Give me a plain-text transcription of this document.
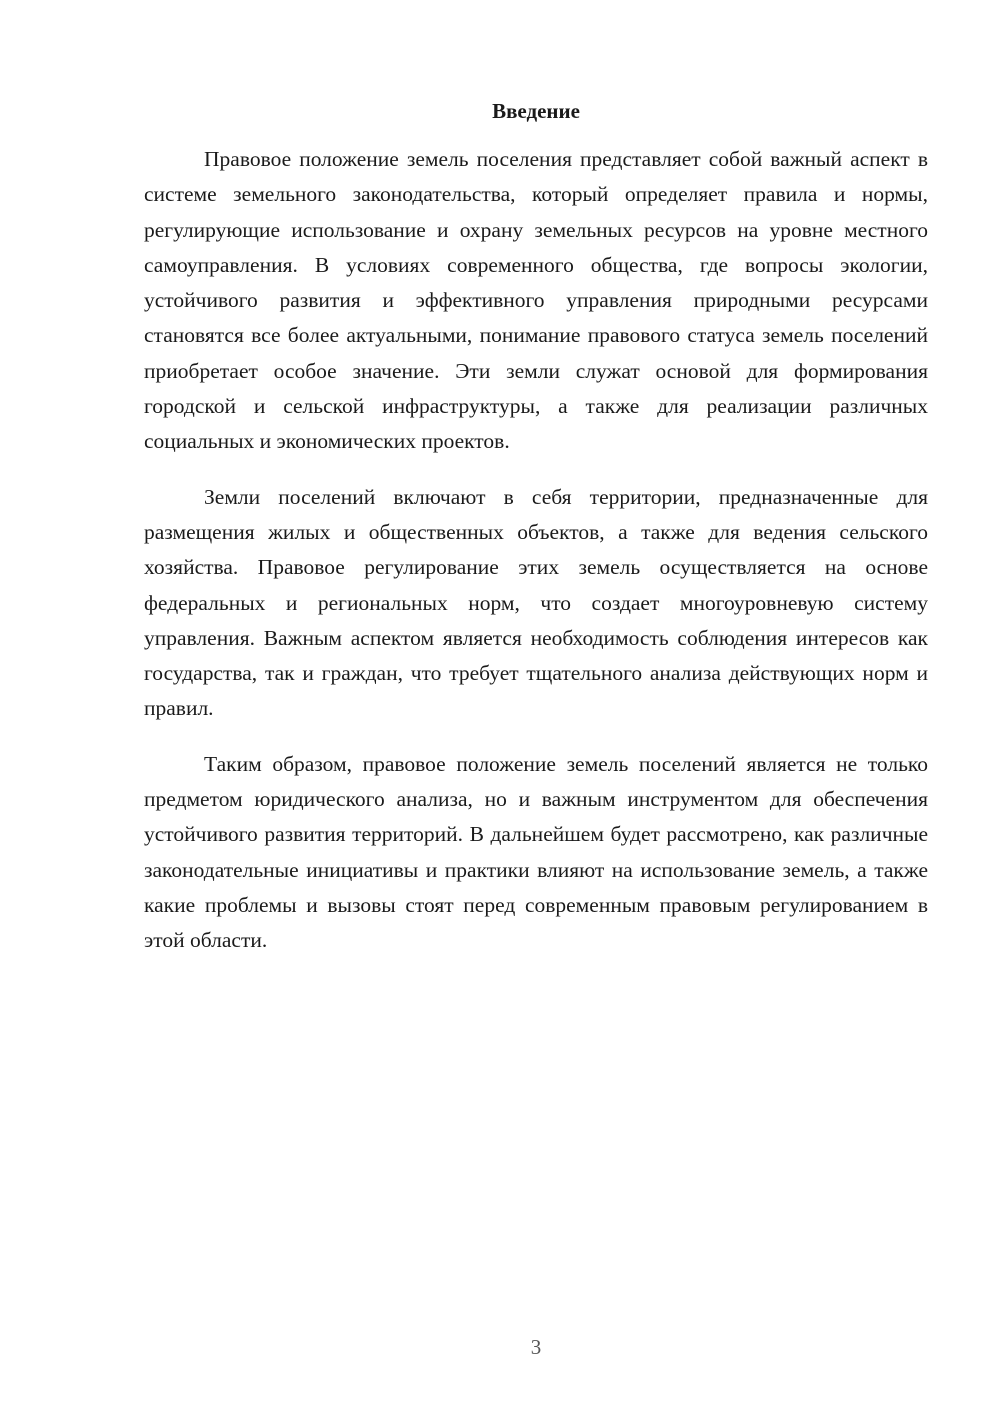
Введение

Правовое положение земель поселения представляет собой важный аспект в системе земельного законодательства, который определяет правила и нормы, регулирующие использование и охрану земельных ресурсов на уровне местного самоуправления. В условиях современного общества, где вопросы экологии, устойчивого развития и эффективного управления природными ресурсами становятся все более актуальными, понимание правового статуса земель поселений приобретает особое значение. Эти земли служат основой для формирования городской и сельской инфраструктуры, а также для реализации различных социальных и экономических проектов.

Земли поселений включают в себя территории, предназначенные для размещения жилых и общественных объектов, а также для ведения сельского хозяйства. Правовое регулирование этих земель осуществляется на основе федеральных и региональных норм, что создает многоуровневую систему управления. Важным аспектом является необходимость соблюдения интересов как государства, так и граждан, что требует тщательного анализа действующих норм и правил.

Таким образом, правовое положение земель поселений является не только предметом юридического анализа, но и важным инструментом для обеспечения устойчивого развития территорий. В дальнейшем будет рассмотрено, как различные законодательные инициативы и практики влияют на использование земель, а также какие проблемы и вызовы стоят перед современным правовым регулированием в этой области.

3
